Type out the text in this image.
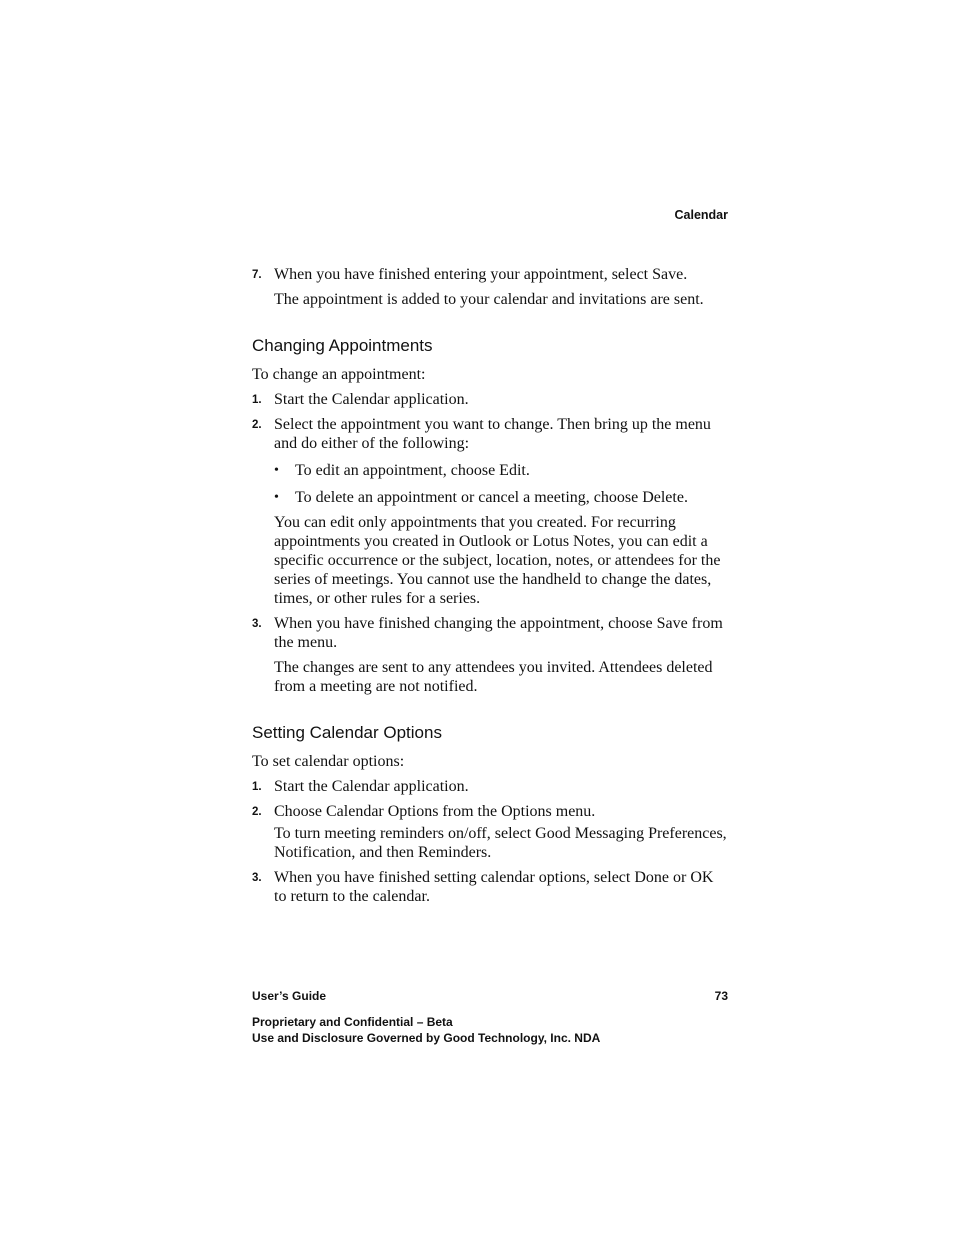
Calendar
7. When you have finished entering your appointment, select Save.

The appointment is added to your calendar and invitations are sent.

Changing Appointments

To change an appointment:

1. Start the Calendar application.

2. Select the appointment you want to change. Then bring up the menu and do either of the following:

• To edit an appointment, choose Edit.

• To delete an appointment or cancel a meeting, choose Delete.

You can edit only appointments that you created. For recurring appointments you created in Outlook or Lotus Notes, you can edit a specific occurrence or the subject, location, notes, or attendees for the series of meetings. You cannot use the handheld to change the dates, times, or other rules for a series.

3. When you have finished changing the appointment, choose Save from the menu.

The changes are sent to any attendees you invited. Attendees deleted from a meeting are not notified.

Setting Calendar Options

To set calendar options:

1. Start the Calendar application.

2. Choose Calendar Options from the Options menu.

To turn meeting reminders on/off, select Good Messaging Preferences, Notification, and then Reminders.

3. When you have finished setting calendar options, select Done or OK to return to the calendar.

User’s Guide	73
Proprietary and Confidential – Beta
Use and Disclosure Governed by Good Technology, Inc. NDA
